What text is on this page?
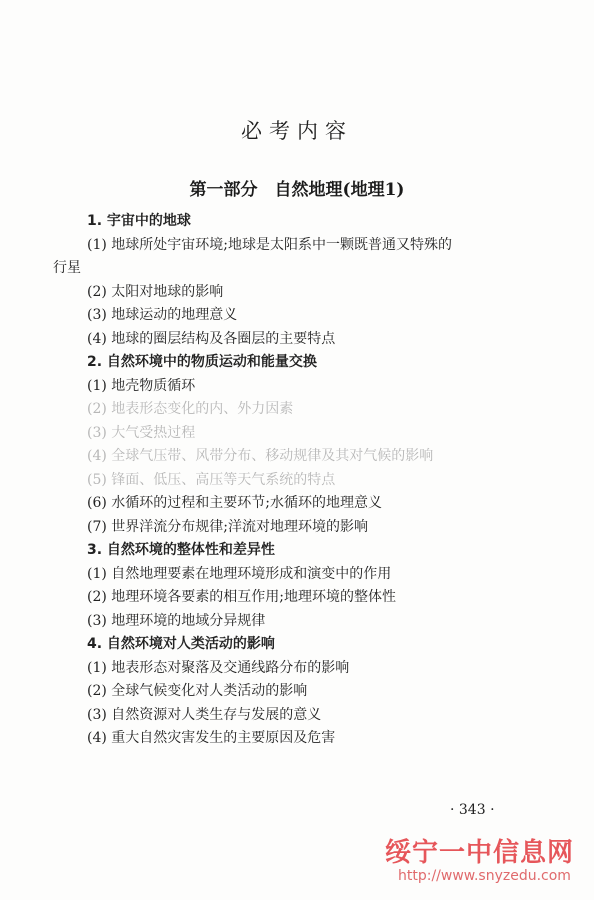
必考内容
第一部分　自然地理(地理1)
1. 宇宙中的地球
(1) 地球所处宇宙环境;地球是太阳系中一颗既普通又特殊的
行星
(2) 太阳对地球的影响
(3) 地球运动的地理意义
(4) 地球的圈层结构及各圈层的主要特点
2. 自然环境中的物质运动和能量交换
(1) 地壳物质循环
(2) 地表形态变化的内、外力因素
(3) 大气受热过程
(4) 全球气压带、风带分布、移动规律及其对气候的影响
(5) 锋面、低压、高压等天气系统的特点
(6) 水循环的过程和主要环节;水循环的地理意义
(7) 世界洋流分布规律;洋流对地理环境的影响
3. 自然环境的整体性和差异性
(1) 自然地理要素在地理环境形成和演变中的作用
(2) 地理环境各要素的相互作用;地理环境的整体性
(3) 地理环境的地域分异规律
4. 自然环境对人类活动的影响
(1) 地表形态对聚落及交通线路分布的影响
(2) 全球气候变化对人类活动的影响
(3) 自然资源对人类生存与发展的意义
(4) 重大自然灾害发生的主要原因及危害
· 343 ·
绥宁一中信息网
http://www.snyzedu.com
